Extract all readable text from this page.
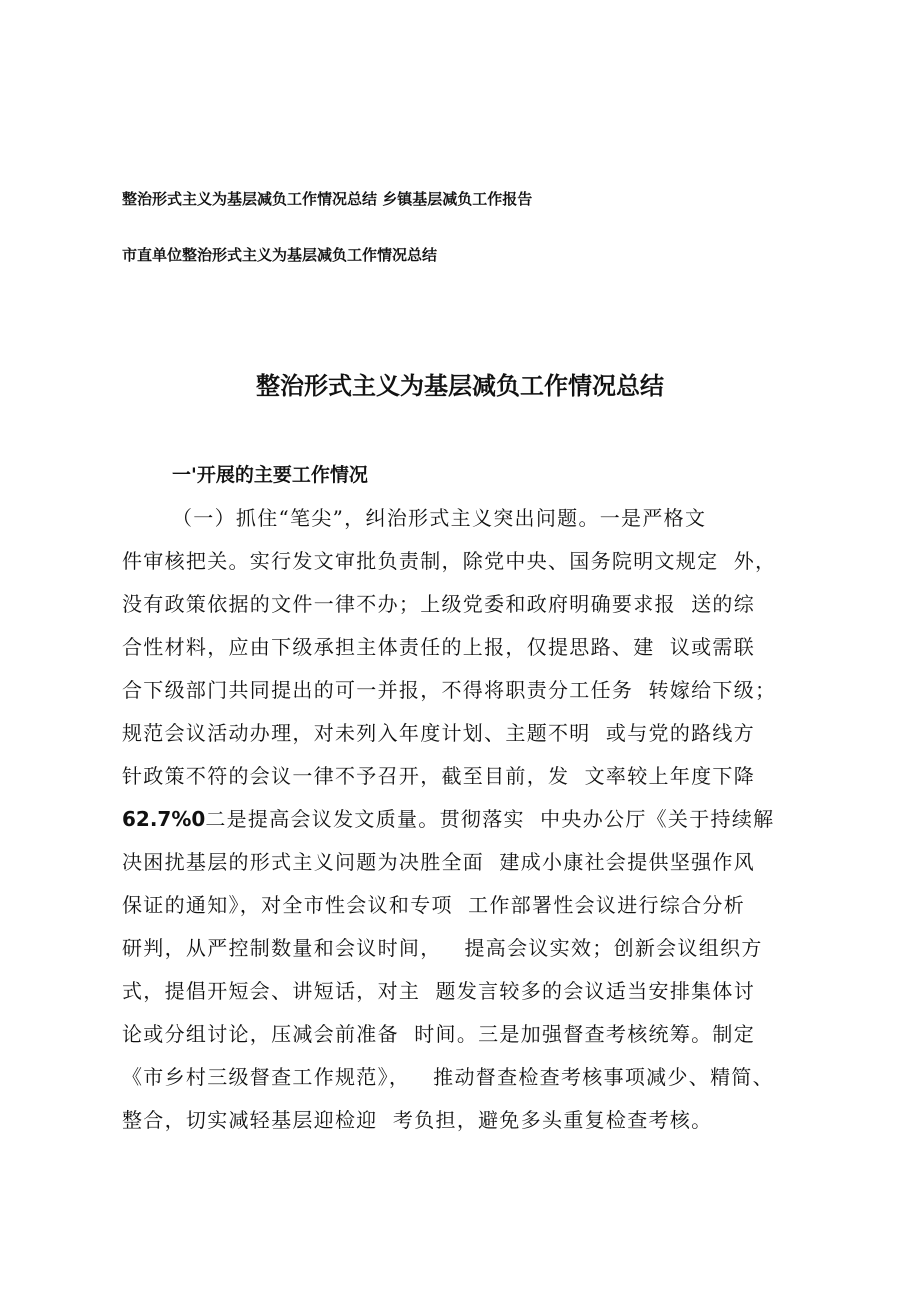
整治形式主义为基层减负工作情况总结 乡镇基层减负工作报告
市直单位整治形式主义为基层减负工作情况总结
整治形式主义为基层减负工作情况总结
一'开展的主要工作情况
（一）抓住“笔尖”，纠治形式主义突出问题。一是严格文
件审核把关。实行发文审批负责制，除党中央、国务院明文规定  外，
没有政策依据的文件一律不办；上级党委和政府明确要求报  送的综
合性材料，应由下级承担主体责任的上报，仅提思路、建  议或需联
合下级部门共同提出的可一并报，不得将职责分工任务  转嫁给下级；
规范会议活动办理，对未列入年度计划、主题不明  或与党的路线方
针政策不符的会议一律不予召开，截至目前，发  文率较上年度下降
62.7%0二是提高会议发文质量。贯彻落实  中央办公厅《关于持续解
决困扰基层的形式主义问题为决胜全面  建成小康社会提供坚强作风
保证的通知》，对全市性会议和专项  工作部署性会议进行综合分析
研判，从严控制数量和会议时间，   提高会议实效；创新会议组织方
式，提倡开短会、讲短话，对主  题发言较多的会议适当安排集体讨
论或分组讨论，压减会前准备  时间。三是加强督查考核统筹。制定
《市乡村三级督查工作规范》，   推动督查检查考核事项减少、精简、
整合，切实减轻基层迎检迎  考负担，避免多头重复检查考核。
